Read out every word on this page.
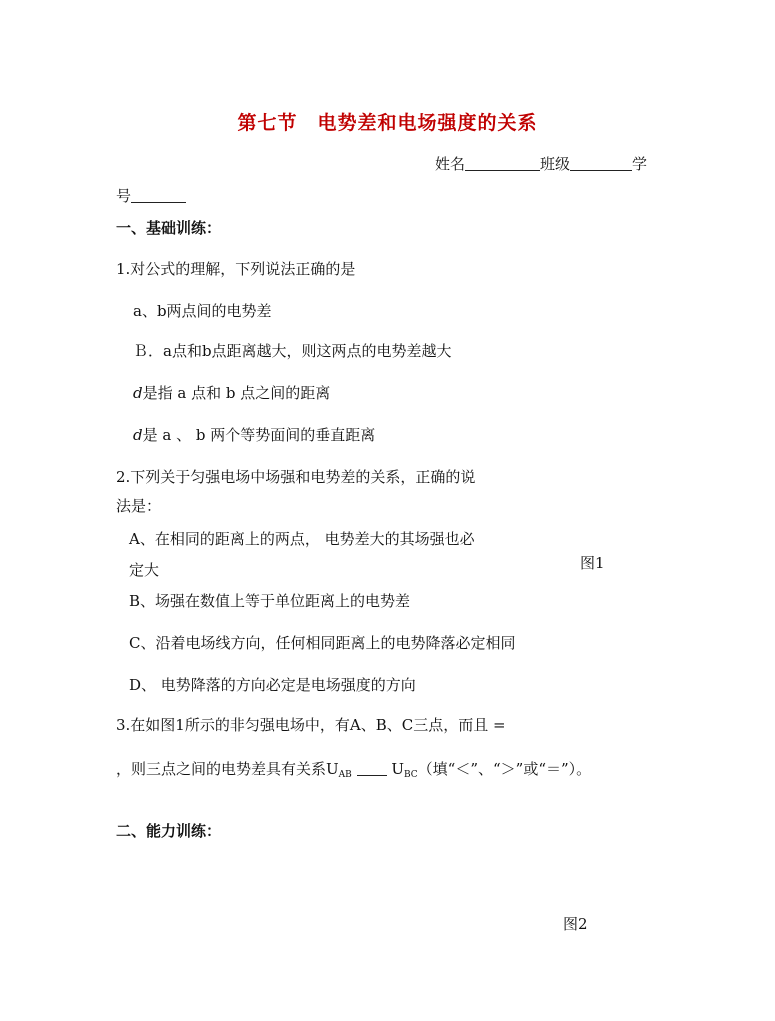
第七节　电势差和电场强度的关系
姓名	班级	学
号
一、基础训练：
1.对公式的理解，下列说法正确的是
a、b两点间的电势差
Ｂ．a点和b点距离越大，则这两点的电势差越大
d是指 a 点和 b 点之间的距离
d是 a 、 b 两个等势面间的垂直距离
2.下列关于匀强电场中场强和电势差的关系，正确的说
法是：
A、在相同的距离上的两点， 电势差大的其场强也必
定大	图1
B、场强在数值上等于单位距离上的电势差
C、沿着电场线方向，任何相同距离上的电势降落必定相同
D、 电势降落的方向必定是电场强度的方向
3.在如图1所示的非匀强电场中，有A、B、C三点，而且 =
，则三点之间的电势差具有关系$U_{AB}$	$U_{BC}$（填“＜”、“＞”或“＝”）。
二、能力训练：
图2
